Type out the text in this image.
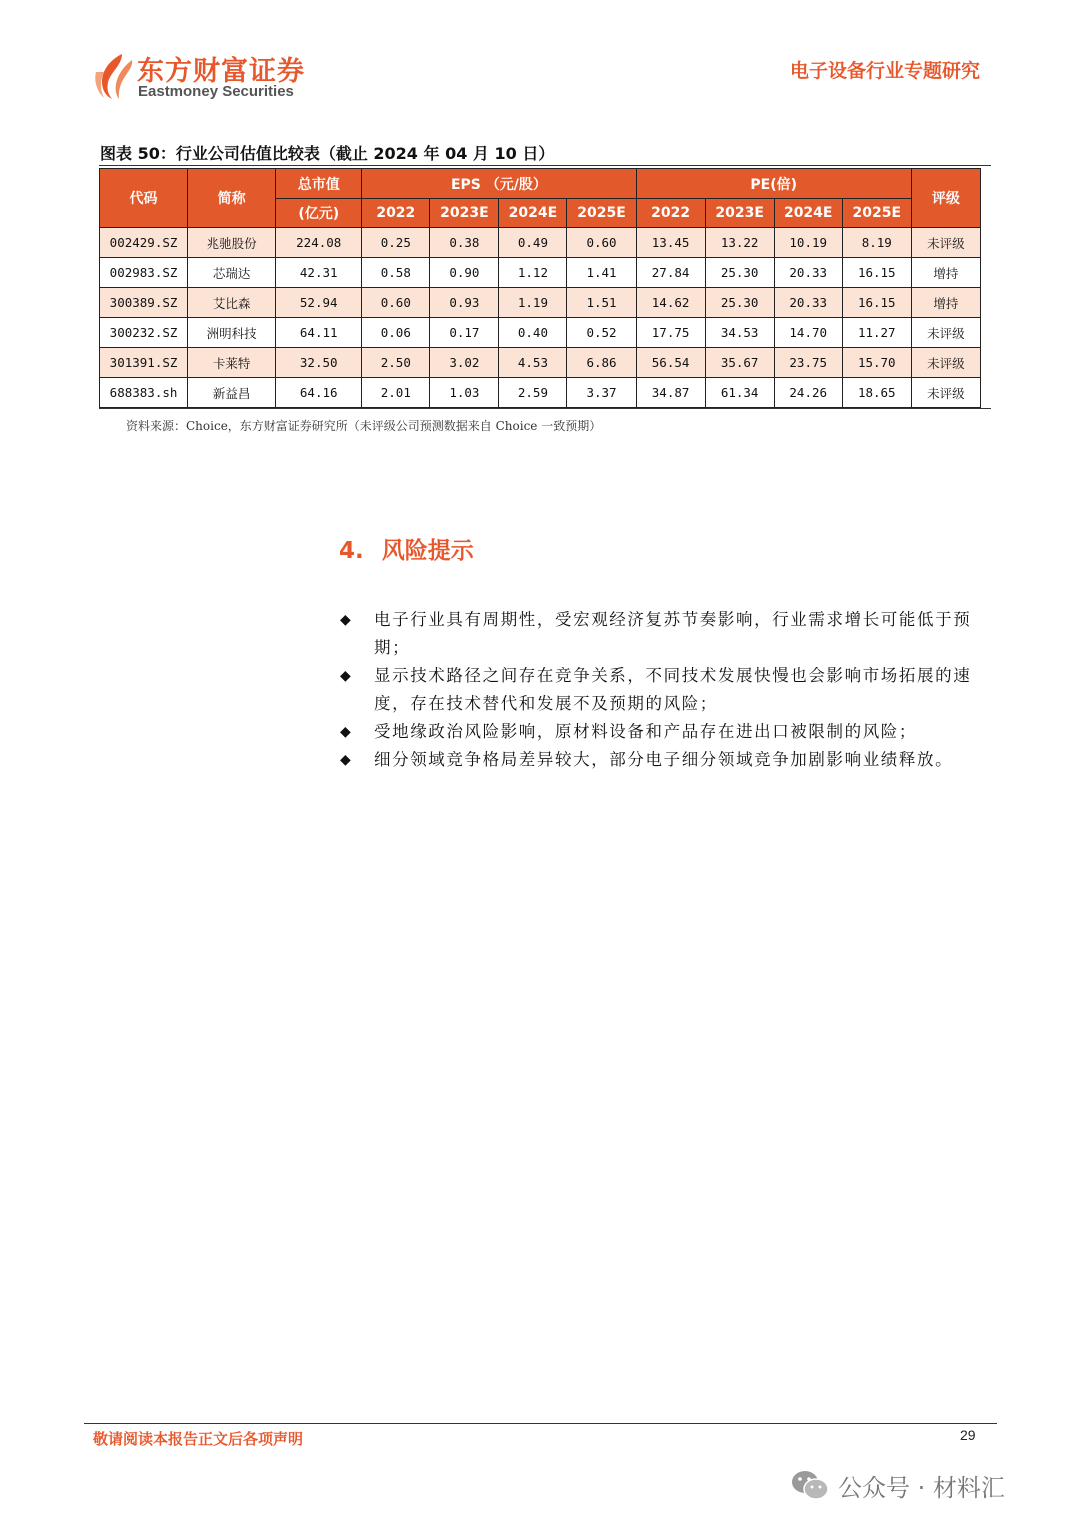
东方财富证券
Eastmoney Securities
电子设备行业专题研究
图表 50：行业公司估值比较表（截止 2024 年 04 月 10 日）
代码	简称	总市值	EPS （元/股）				PE(倍)				评级
		(亿元)	2022	2023E	2024E	2025E	2022	2023E	2024E	2025E	
002429.SZ	兆驰股份	224.08	0.25	0.38	0.49	0.60	13.45	13.22	10.19	8.19	未评级
002983.SZ	芯瑞达	42.31	0.58	0.90	1.12	1.41	27.84	25.30	20.33	16.15	增持
300389.SZ	艾比森	52.94	0.60	0.93	1.19	1.51	14.62	25.30	20.33	16.15	增持
300232.SZ	洲明科技	64.11	0.06	0.17	0.40	0.52	17.75	34.53	14.70	11.27	未评级
301391.SZ	卡莱特	32.50	2.50	3.02	4.53	6.86	56.54	35.67	23.75	15.70	未评级
688383.sh	新益昌	64.16	2.01	1.03	2.59	3.37	34.87	61.34	24.26	18.65	未评级
资料来源：Choice，东方财富证券研究所（未评级公司预测数据来自 Choice 一致预期）
4. 风险提示
◆ 电子行业具有周期性，受宏观经济复苏节奏影响，行业需求增长可能低于预期；
◆ 显示技术路径之间存在竞争关系，不同技术发展快慢也会影响市场拓展的速度，存在技术替代和发展不及预期的风险；
◆ 受地缘政治风险影响，原材料设备和产品存在进出口被限制的风险；
◆ 细分领域竞争格局差异较大，部分电子细分领域竞争加剧影响业绩释放。
敬请阅读本报告正文后各项声明	29
公众号 · 材料汇
